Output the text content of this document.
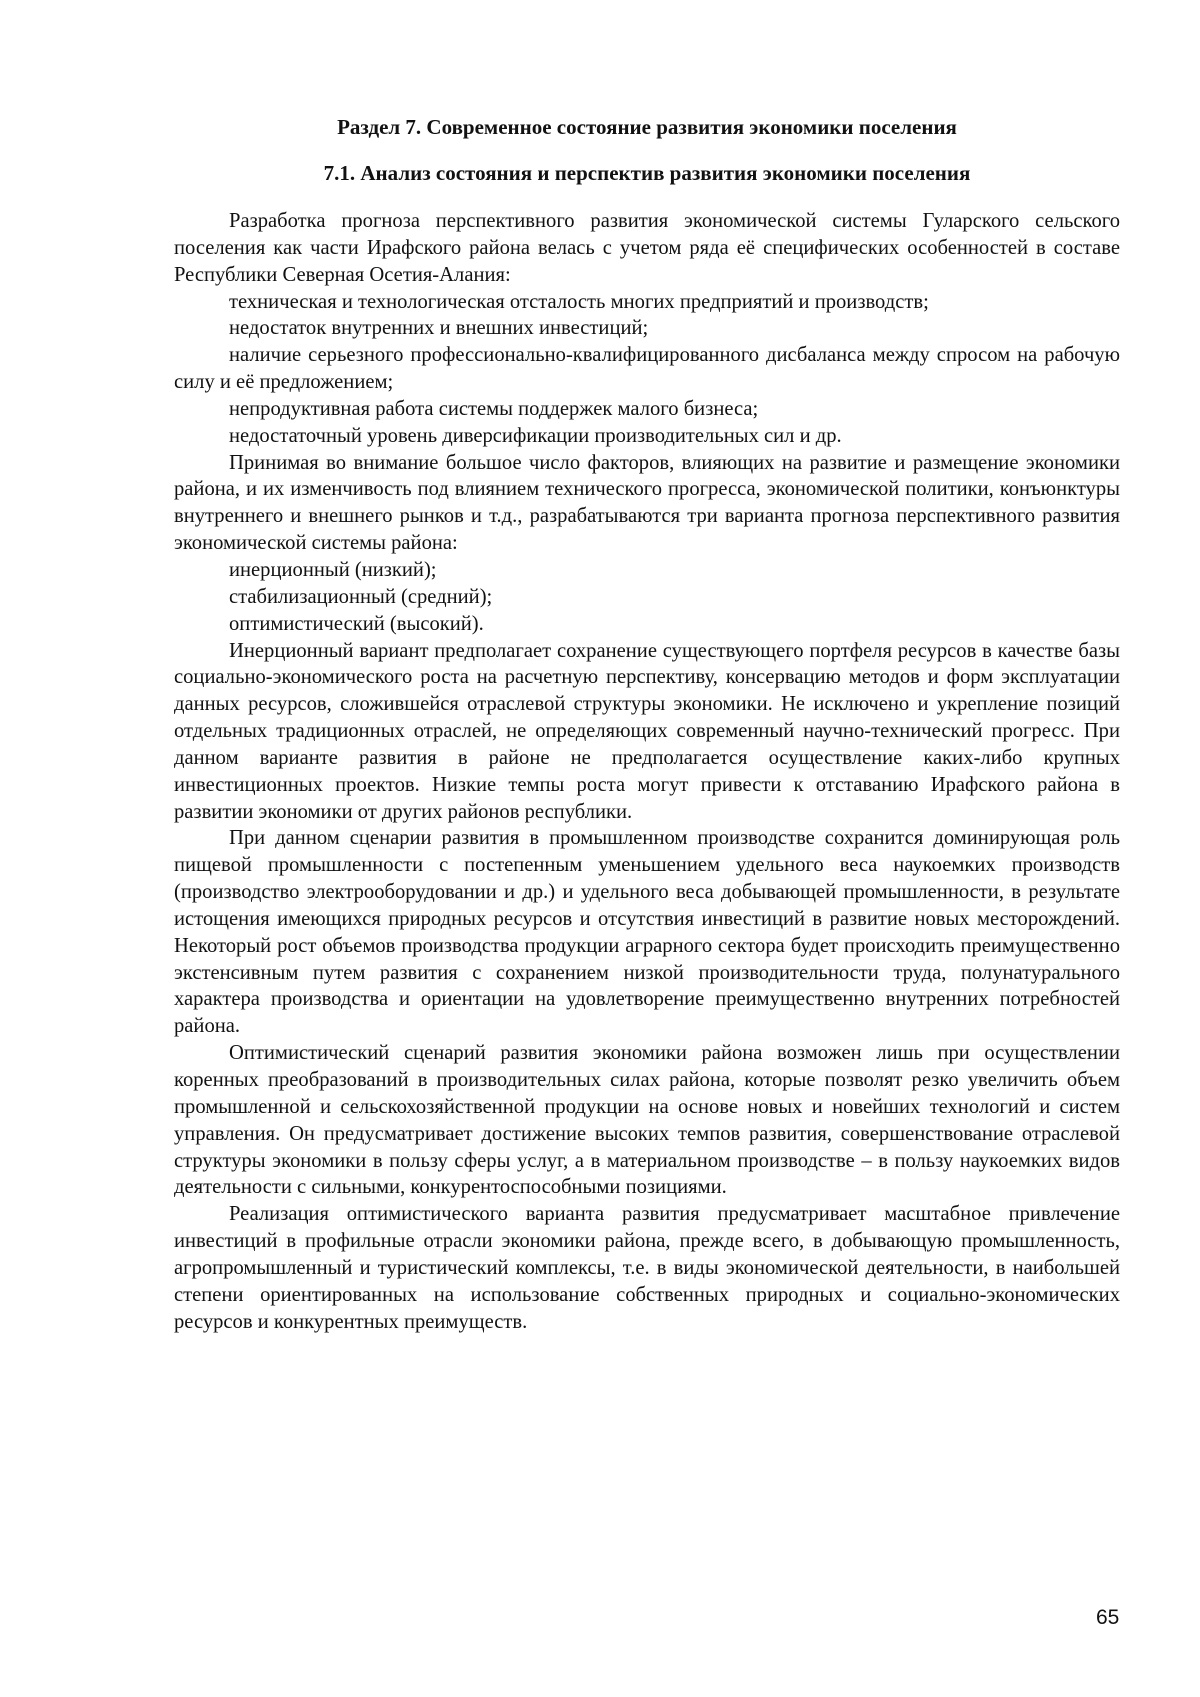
Раздел 7. Современное состояние развития экономики поселения
7.1. Анализ состояния и перспектив развития экономики поселения

Разработка прогноза перспективного развития экономической системы Гуларского сельского поселения как части Ирафского района велась с учетом ряда её специфических особенностей в составе Республики Северная Осетия-Алания:

техническая и технологическая отсталость многих предприятий и производств;

недостаток внутренних и внешних инвестиций;

наличие серьезного профессионально-квалифицированного дисбаланса между спросом на рабочую силу и её предложением;

непродуктивная работа системы поддержек малого бизнеса;

недостаточный уровень диверсификации производительных сил и др.

Принимая во внимание большое число факторов, влияющих на развитие и размещение экономики района, и их изменчивость под влиянием технического прогресса, экономической политики, конъюнктуры внутреннего и внешнего рынков и т.д., разрабатываются три варианта прогноза перспективного развития экономической системы района:

инерционный (низкий);

стабилизационный (средний);

оптимистический (высокий).

Инерционный вариант предполагает сохранение существующего портфеля ресурсов в качестве базы социально-экономического роста на расчетную перспективу, консервацию методов и форм эксплуатации данных ресурсов, сложившейся отраслевой структуры экономики. Не исключено и укрепление позиций отдельных традиционных отраслей, не определяющих современный научно-технический прогресс. При данном варианте развития в районе не предполагается осуществление каких-либо крупных инвестиционных проектов. Низкие темпы роста могут привести к отставанию Ирафского района в развитии экономики от других районов республики.

При данном сценарии развития в промышленном производстве сохранится доминирующая роль пищевой промышленности с постепенным уменьшением удельного веса наукоемких производств (производство электрооборудовании и др.) и удельного веса добывающей промышленности, в результате истощения имеющихся природных ресурсов и отсутствия инвестиций в развитие новых месторождений. Некоторый рост объемов производства продукции аграрного сектора будет происходить преимущественно экстенсивным путем развития с сохранением низкой производительности труда, полунатурального характера производства и ориентации на удовлетворение преимущественно внутренних потребностей района.

Оптимистический сценарий развития экономики района возможен лишь при осуществлении коренных преобразований в производительных силах района, которые позволят резко увеличить объем промышленной и сельскохозяйственной продукции на основе новых и новейших технологий и систем управления. Он предусматривает достижение высоких темпов развития, совершенствование отраслевой структуры экономики в пользу сферы услуг, а в материальном производстве – в пользу наукоемких видов деятельности с сильными, конкурентоспособными позициями.

Реализация оптимистического варианта развития предусматривает масштабное привлечение инвестиций в профильные отрасли экономики района, прежде всего, в добывающую промышленность, агропромышленный и туристический комплексы, т.е. в виды экономической деятельности, в наибольшей степени ориентированных на использование собственных природных и социально-экономических ресурсов и конкурентных преимуществ.

65
